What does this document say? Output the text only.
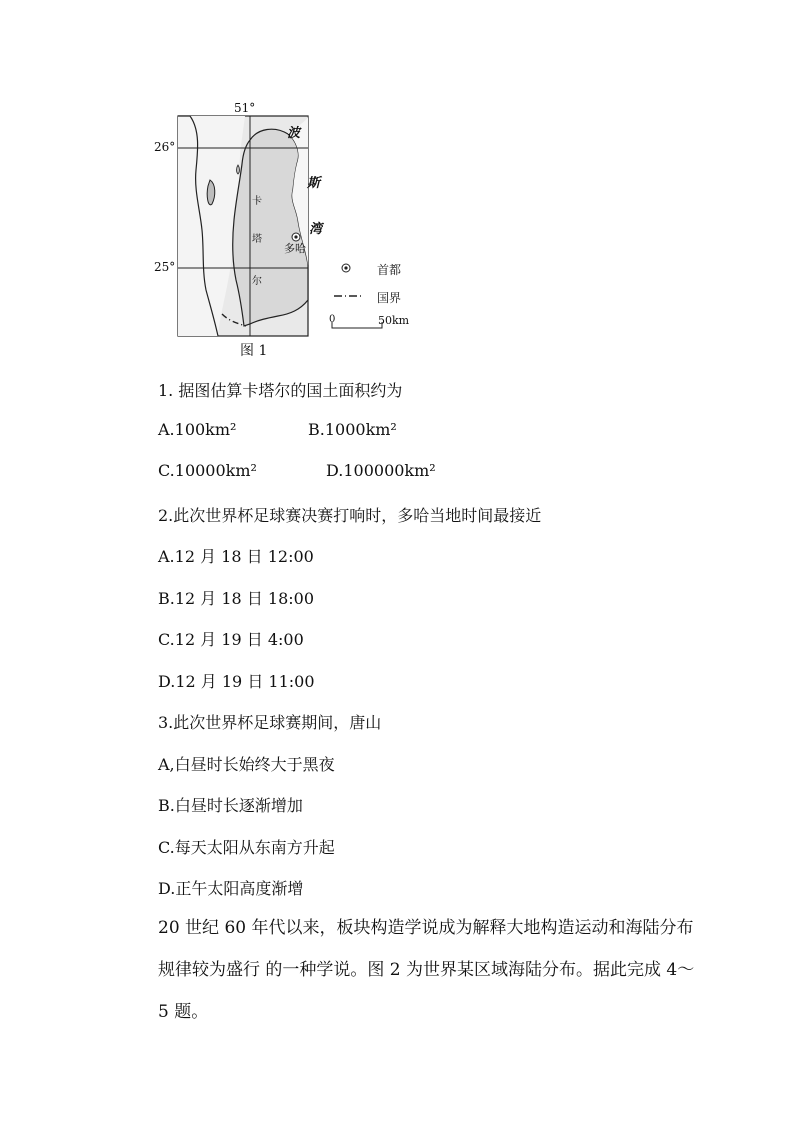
51°
26°
25°
波
斯
湾
卡
塔
尔
多哈
首都
国界
0	50km
图 1
1. 据图估算卡塔尔的国土面积约为
A.100km²	B.1000km²
C.10000km²	D.100000km²
2.此次世界杯足球赛决赛打响时，多哈当地时间最接近
A.12 月 18 日 12:00
B.12 月 18 日 18:00
C.12 月 19 日 4:00
D.12 月 19 日 11:00
3.此次世界杯足球赛期间，唐山
A,白昼时长始终大于黑夜
B.白昼时长逐渐增加
C.每天太阳从东南方升起
D.正午太阳高度渐增
20 世纪 60 年代以来，板块构造学说成为解释大地构造运动和海陆分布规律较为盛行 的一种学说。图 2 为世界某区域海陆分布。据此完成 4～5 题。
